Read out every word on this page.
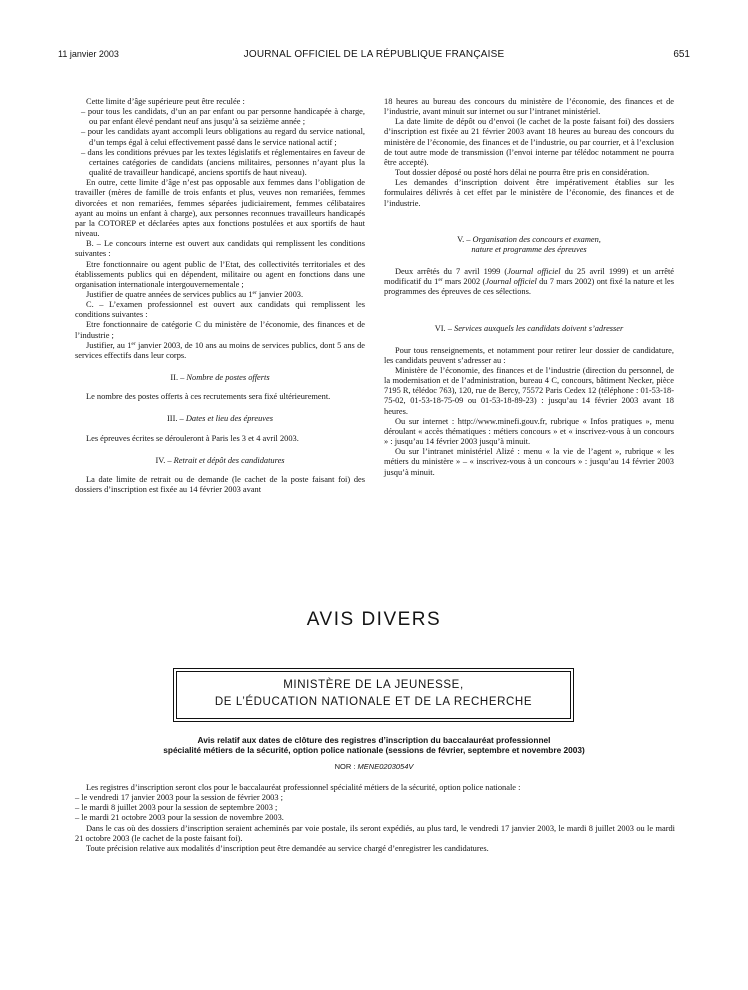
11 janvier 2003	JOURNAL OFFICIEL DE LA RÉPUBLIQUE FRANÇAISE	651

Cette limite d’âge supérieure peut être reculée :

– pour tous les candidats, d’un an par enfant ou par personne handicapée à charge, ou par enfant élevé pendant neuf ans jusqu’à sa seizième année ;
– pour les candidats ayant accompli leurs obligations au regard du service national, d’un temps égal à celui effectivement passé dans le service national actif ;
– dans les conditions prévues par les textes législatifs et réglementaires en faveur de certaines catégories de candidats (anciens militaires, personnes n’ayant plus la qualité de travailleur handicapé, anciens sportifs de haut niveau).

En outre, cette limite d’âge n’est pas opposable aux femmes dans l’obligation de travailler (mères de famille de trois enfants et plus, veuves non remariées, femmes divorcées et non remariées, femmes séparées judiciairement, femmes célibataires ayant au moins un enfant à charge), aux personnes reconnues travailleurs handicapés par la COTOREP et déclarées aptes aux fonctions postulées et aux sportifs de haut niveau.

B. – Le concours interne est ouvert aux candidats qui remplissent les conditions suivantes :

Etre fonctionnaire ou agent public de l’Etat, des collectivités territoriales et des établissements publics qui en dépendent, militaire ou agent en fonctions dans une organisation internationale intergouvernementale ;

Justifier de quatre années de services publics au 1er janvier 2003.

C. – L’examen professionnel est ouvert aux candidats qui remplissent les conditions suivantes :

Etre fonctionnaire de catégorie C du ministère de l’économie, des finances et de l’industrie ;

Justifier, au 1er janvier 2003, de 10 ans au moins de services publics, dont 5 ans de services effectifs dans leur corps.

II. – Nombre de postes offerts

Le nombre des postes offerts à ces recrutements sera fixé ultérieurement.

III. – Dates et lieu des épreuves

Les épreuves écrites se dérouleront à Paris les 3 et 4 avril 2003.

IV. – Retrait et dépôt des candidatures

La date limite de retrait ou de demande (le cachet de la poste faisant foi) des dossiers d’inscription est fixée au 14 février 2003 avant

18 heures au bureau des concours du ministère de l’économie, des finances et de l’industrie, avant minuit sur internet ou sur l’intranet ministériel.

La date limite de dépôt ou d’envoi (le cachet de la poste faisant foi) des dossiers d’inscription est fixée au 21 février 2003 avant 18 heures au bureau des concours du ministère de l’économie, des finances et de l’industrie, ou par courrier, et à l’exclusion de tout autre mode de transmission (l’envoi interne par télédoc notamment ne pourra être accepté).

Tout dossier déposé ou posté hors délai ne pourra être pris en considération.

Les demandes d’inscription doivent être impérativement établies sur les formulaires délivrés à cet effet par le ministère de l’économie, des finances et de l’industrie.

V. – Organisation des concours et examen,
nature et programme des épreuves

Deux arrêtés du 7 avril 1999 (Journal officiel du 25 avril 1999) et un arrêté modificatif du 1er mars 2002 (Journal officiel du 7 mars 2002) ont fixé la nature et les programmes des épreuves de ces sélections.

VI. – Services auxquels les candidats doivent s’adresser

Pour tous renseignements, et notamment pour retirer leur dossier de candidature, les candidats peuvent s’adresser au :

Ministère de l’économie, des finances et de l’industrie (direction du personnel, de la modernisation et de l’administration, bureau 4 C, concours, bâtiment Necker, pièce 7195 R, télédoc 763), 120, rue de Bercy, 75572 Paris Cedex 12 (téléphone : 01-53-18-75-02, 01-53-18-75-09 ou 01-53-18-89-23) : jusqu’au 14 février 2003 avant 18 heures.

Ou sur internet : http://www.minefi.gouv.fr, rubrique « Infos pratiques », menu déroulant « accès thématiques : métiers concours » et « inscrivez-vous à un concours » : jusqu’au 14 février 2003 jusqu’à minuit.

Ou sur l’intranet ministériel Alizé : menu « la vie de l’agent », rubrique « les métiers du ministère » – « inscrivez-vous à un concours » : jusqu’au 14 février 2003 jusqu’à minuit.

AVIS DIVERS
MINISTÈRE DE LA JEUNESSE,
DE L’ÉDUCATION NATIONALE ET DE LA RECHERCHE
Avis relatif aux dates de clôture des registres d’inscription du baccalauréat professionnel
spécialité métiers de la sécurité, option police nationale (sessions de février, septembre et novembre 2003)
NOR : MENE0203054V

Les registres d’inscription seront clos pour le baccalauréat professionnel spécialité métiers de la sécurité, option police nationale :

– le vendredi 17 janvier 2003 pour la session de février 2003 ;
– le mardi 8 juillet 2003 pour la session de septembre 2003 ;
– le mardi 21 octobre 2003 pour la session de novembre 2003.

Dans le cas où des dossiers d’inscription seraient acheminés par voie postale, ils seront expédiés, au plus tard, le vendredi 17 janvier 2003, le mardi 8 juillet 2003 ou le mardi 21 octobre 2003 (le cachet de la poste faisant foi).

Toute précision relative aux modalités d’inscription peut être demandée au service chargé d’enregistrer les candidatures.
